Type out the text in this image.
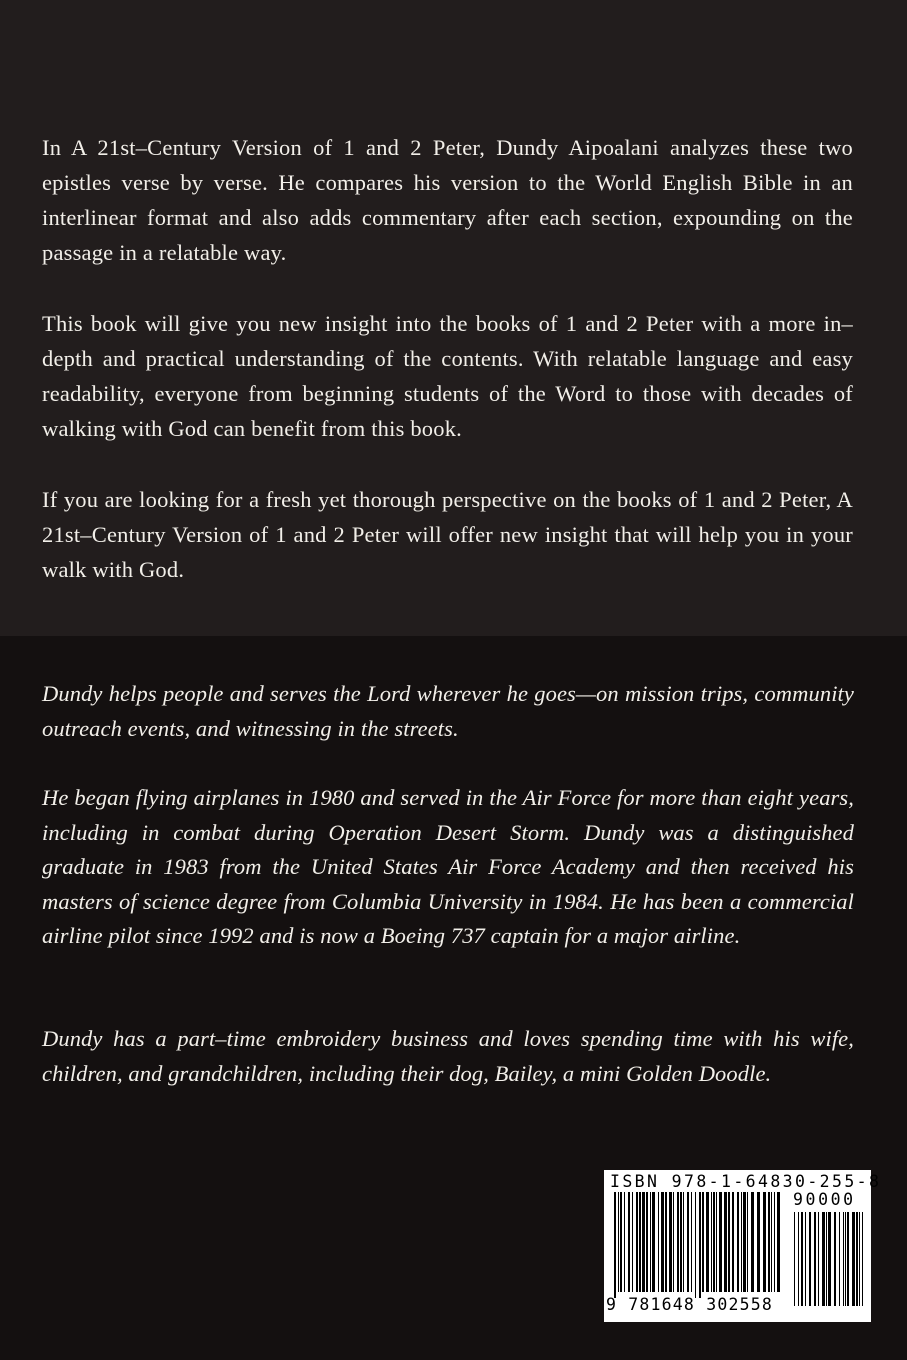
In A 21st–Century Version of 1 and 2 Peter, Dundy Aipoalani analyzes these two epistles verse by verse. He compares his version to the World English Bible in an interlinear format and also adds commentary after each section, expounding on the passage in a relatable way.

This book will give you new insight into the books of 1 and 2 Peter with a more in–depth and practical understanding of the contents. With relatable language and easy readability, everyone from beginning students of the Word to those with decades of walking with God can benefit from this book.

If you are looking for a fresh yet thorough perspective on the books of 1 and 2 Peter, A 21st–Century Version of 1 and 2 Peter will offer new insight that will help you in your walk with God.

Dundy helps people and serves the Lord wherever he goes—on mission trips, community outreach events, and witnessing in the streets.

He began flying airplanes in 1980 and served in the Air Force for more than eight years, including in combat during Operation Desert Storm. Dundy was a distinguished graduate in 1983 from the United States Air Force Academy and then received his masters of science degree from Columbia University in 1984. He has been a commercial airline pilot since 1992 and is now a Boeing 737 captain for a major airline.

Dundy has a part–time embroidery business and loves spending time with his wife, children, and grandchildren, including their dog, Bailey, a mini Golden Doodle.

ISBN 978-1-64830-255-8
90000
9 781648 302558
